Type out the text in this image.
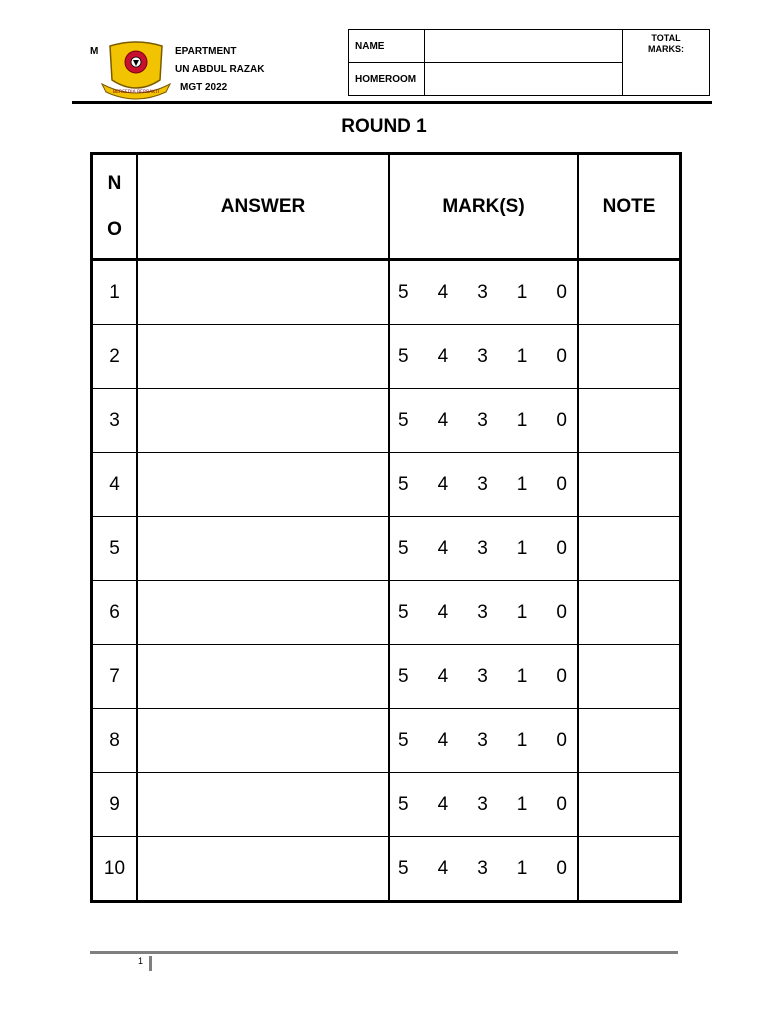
M	EPARTMENT
UN ABDUL RAZAK
MGT 2022
BERSEDIA BERBAKTI
NAME		TOTAL MARKS:
HOMEROOM		
ROUND 1
N
O	ANSWER	MARK(S)	NOTE
1		5 4 3 1 0	

2		5 4 3 1 0	

3		5 4 3 1 0	

4		5 4 3 1 0	

5		5 4 3 1 0	

6		5 4 3 1 0	

7		5 4 3 1 0	

8		5 4 3 1 0	

9		5 4 3 1 0	

10		5 4 3 1 0	

1
